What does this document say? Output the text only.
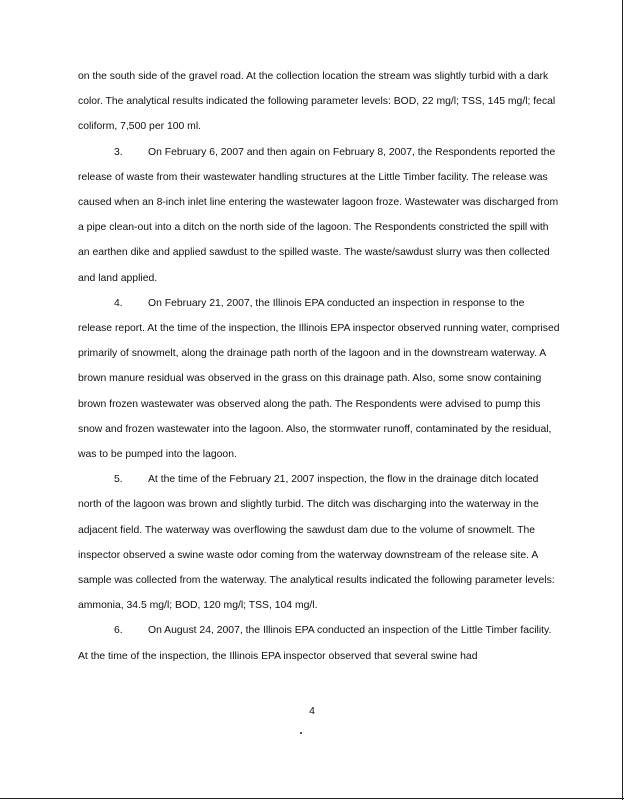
on the south side of the gravel road. At the collection location the stream was slightly turbid with a dark color. The analytical results indicated the following parameter levels: BOD, 22 mg/l; TSS, 145 mg/l; fecal coliform, 7,500 per 100 ml.

3. On February 6, 2007 and then again on February 8, 2007, the Respondents reported the release of waste from their wastewater handling structures at the Little Timber facility. The release was caused when an 8-inch inlet line entering the wastewater lagoon froze. Wastewater was discharged from a pipe clean-out into a ditch on the north side of the lagoon. The Respondents constricted the spill with an earthen dike and applied sawdust to the spilled waste. The waste/sawdust slurry was then collected and land applied.

4. On February 21, 2007, the Illinois EPA conducted an inspection in response to the release report. At the time of the inspection, the Illinois EPA inspector observed running water, comprised primarily of snowmelt, along the drainage path north of the lagoon and in the downstream waterway. A brown manure residual was observed in the grass on this drainage path. Also, some snow containing brown frozen wastewater was observed along the path. The Respondents were advised to pump this snow and frozen wastewater into the lagoon. Also, the stormwater runoff, contaminated by the residual, was to be pumped into the lagoon.

5. At the time of the February 21, 2007 inspection, the flow in the drainage ditch located north of the lagoon was brown and slightly turbid. The ditch was discharging into the waterway in the adjacent field. The waterway was overflowing the sawdust dam due to the volume of snowmelt. The inspector observed a swine waste odor coming from the waterway downstream of the release site. A sample was collected from the waterway. The analytical results indicated the following parameter levels: ammonia, 34.5 mg/l; BOD, 120 mg/l; TSS, 104 mg/l.

6. On August 24, 2007, the Illinois EPA conducted an inspection of the Little Timber facility. At the time of the inspection, the Illinois EPA inspector observed that several swine had

4
